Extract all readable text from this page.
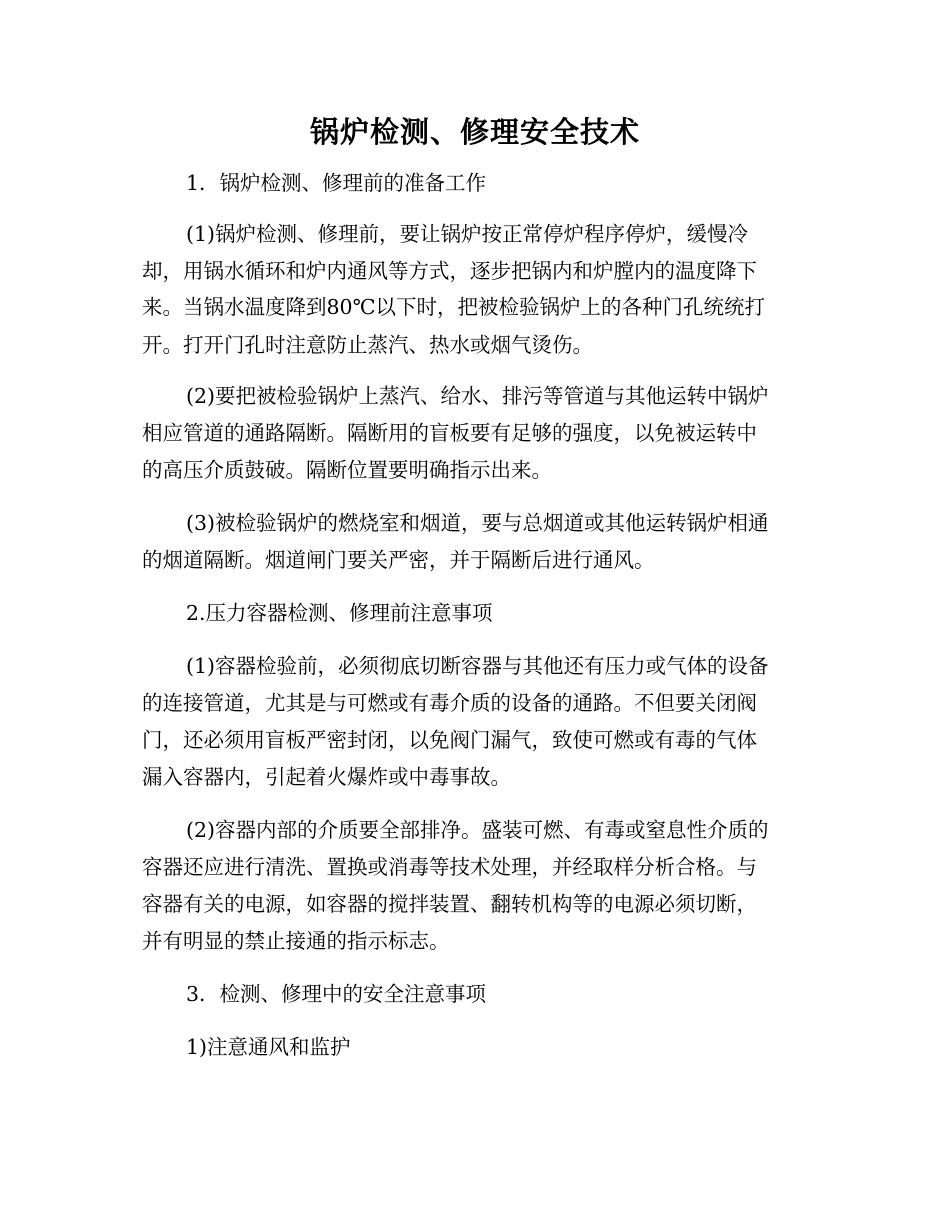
锅炉检测、修理安全技术
1．锅炉检测、修理前的准备工作
(1)锅炉检测、修理前，要让锅炉按正常停炉程序停炉，缓慢冷
却，用锅水循环和炉内通风等方式，逐步把锅内和炉膛内的温度降下
来。当锅水温度降到80℃以下时，把被检验锅炉上的各种门孔统统打
开。打开门孔时注意防止蒸汽、热水或烟气烫伤。
(2)要把被检验锅炉上蒸汽、给水、排污等管道与其他运转中锅炉
相应管道的通路隔断。隔断用的盲板要有足够的强度，以免被运转中
的高压介质鼓破。隔断位置要明确指示出来。
(3)被检验锅炉的燃烧室和烟道，要与总烟道或其他运转锅炉相通
的烟道隔断。烟道闸门要关严密，并于隔断后进行通风。
2.压力容器检测、修理前注意事项
(1)容器检验前，必须彻底切断容器与其他还有压力或气体的设备
的连接管道，尤其是与可燃或有毒介质的设备的通路。不但要关闭阀
门，还必须用盲板严密封闭，以免阀门漏气，致使可燃或有毒的气体
漏入容器内，引起着火爆炸或中毒事故。
(2)容器内部的介质要全部排净。盛装可燃、有毒或窒息性介质的
容器还应进行清洗、置换或消毒等技术处理，并经取样分析合格。与
容器有关的电源，如容器的搅拌装置、翻转机构等的电源必须切断，
并有明显的禁止接通的指示标志。
3．检测、修理中的安全注意事项
1)注意通风和监护
